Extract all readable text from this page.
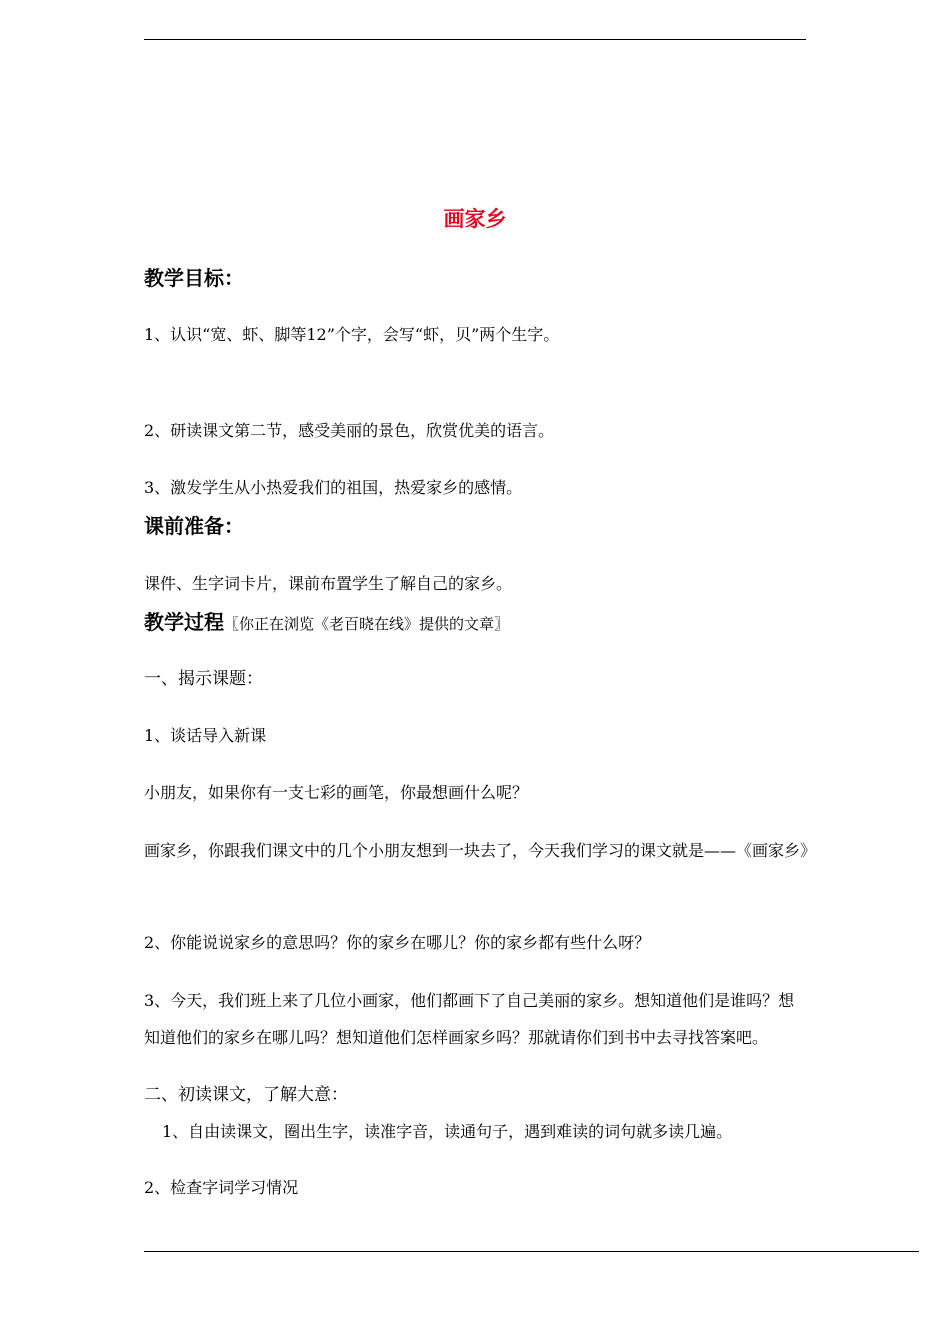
画家乡
教学目标：
1、认识“宽、虾、脚等12”个字，会写“虾，贝”两个生字。
2、研读课文第二节，感受美丽的景色，欣赏优美的语言。
3、激发学生从小热爱我们的祖国，热爱家乡的感情。
课前准备：
课件、生字词卡片，课前布置学生了解自己的家乡。
教学过程〖你正在浏览《老百晓在线》提供的文章〗
一、揭示课题：
1、谈话导入新课
小朋友，如果你有一支七彩的画笔，你最想画什么呢？
画家乡，你跟我们课文中的几个小朋友想到一块去了，今天我们学习的课文就是——《画家乡》
2、你能说说家乡的意思吗？你的家乡在哪儿？你的家乡都有些什么呀？
3、今天，我们班上来了几位小画家，他们都画下了自己美丽的家乡。想知道他们是谁吗？想知道他们的家乡在哪儿吗？想知道他们怎样画家乡吗？那就请你们到书中去寻找答案吧。
二、初读课文，了解大意：
1、自由读课文，圈出生字，读准字音，读通句子，遇到难读的词句就多读几遍。
2、检查字词学习情况
